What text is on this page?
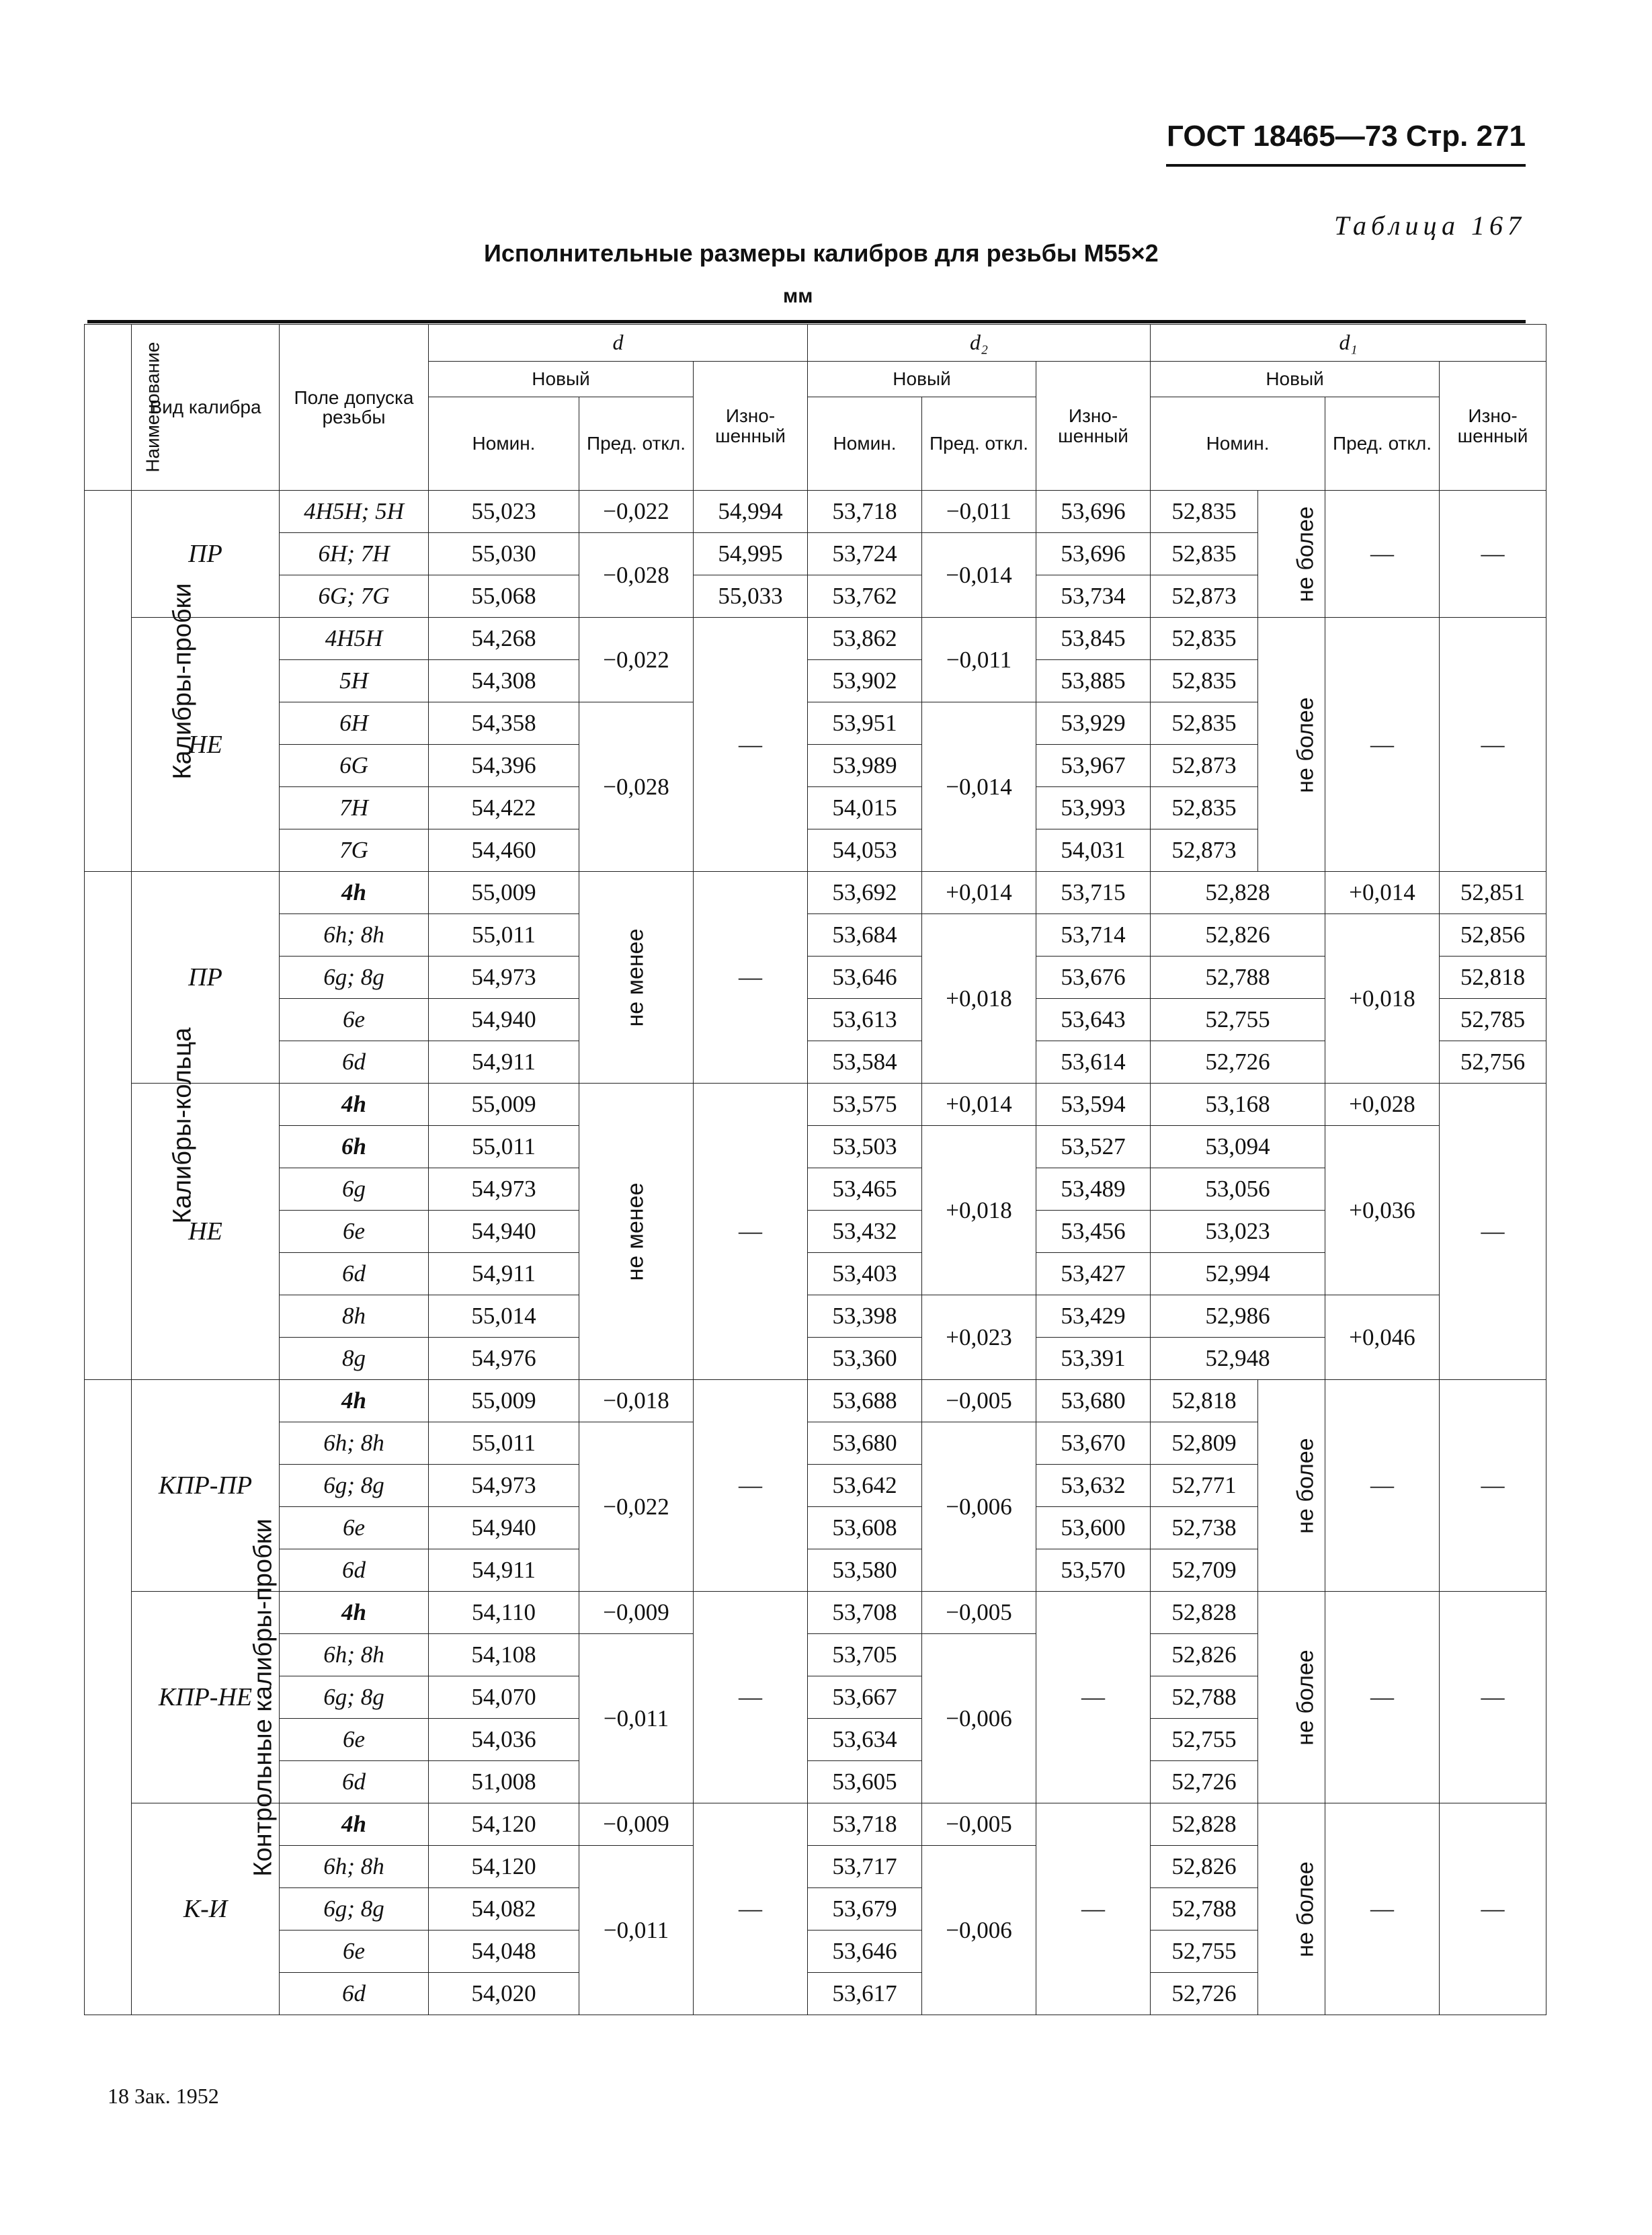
ГОСТ 18465—73 Стр. 271
Таблица 167
Исполнительные размеры калибров для резьбы М55×2
мм
Наименование	Вид калибра	Поле допуска резьбы	d			d₂			d₁			
			Новый		Изно-шенный	Новый		Изно-шенный	Новый			Изно-шенный
			Номин.	Пред. откл.		Номин.	Пред. откл.		Номин.		Пред. откл.	
Калибры-пробки	ПР	4H5H; 5H	55,023	−0,022	54,994	53,718	−0,011	53,696	52,835	не более	—	—
		6H; 7H	55,030	−0,028	54,995	53,724	−0,014	53,696	52,835			
		6G; 7G	55,068		55,033	53,762		53,734	52,873			
	НЕ	4H5H	54,268	−0,022	—	53,862	−0,011	53,845	52,835	не более	—	—
		5H	54,308			53,902		53,885	52,835			
		6H	54,358	−0,028		53,951	−0,014	53,929	52,835			
		6G	54,396			53,989		53,967	52,873			
		7H	54,422			54,015		53,993	52,835			
		7G	54,460			54,053		54,031	52,873			
Калибры-кольца	ПР	4h	55,009	не менее	—	53,692	+0,014	53,715	52,828		+0,014	52,851
		6h; 8h	55,011			53,684	+0,018	53,714	52,826		+0,018	52,856
		6g; 8g	54,973			53,646		53,676	52,788			52,818
		6e	54,940			53,613		53,643	52,755			52,785
		6d	54,911			53,584		53,614	52,726			52,756
	НЕ	4h	55,009	не менее	—	53,575	+0,014	53,594	53,168		+0,028	—
		6h	55,011			53,503	+0,018	53,527	53,094		+0,036	
		6g	54,973			53,465		53,489	53,056			
		6e	54,940			53,432		53,456	53,023			
		6d	54,911			53,403		53,427	52,994			
		8h	55,014			53,398	+0,023	53,429	52,986		+0,046	
		8g	54,976			53,360		53,391	52,948			
Контрольные калибры-пробки	КПР-ПР	4h	55,009	−0,018	—	53,688	−0,005	53,680	52,818	не более	—	—
		6h; 8h	55,011	−0,022		53,680	−0,006	53,670	52,809			
		6g; 8g	54,973			53,642		53,632	52,771			
		6e	54,940			53,608		53,600	52,738			
		6d	54,911			53,580		53,570	52,709			
	КПР-НЕ	4h	54,110	−0,009	—	53,708	−0,005	—	52,828	не более	—	—
		6h; 8h	54,108	−0,011		53,705	−0,006		52,826			
		6g; 8g	54,070			53,667			52,788			
		6e	54,036			53,634			52,755			
		6d	51,008			53,605			52,726			
	К-И	4h	54,120	−0,009	—	53,718	−0,005	—	52,828	не более	—	—
		6h; 8h	54,120	−0,011		53,717	−0,006		52,826			
		6g; 8g	54,082			53,679			52,788			
		6e	54,048			53,646			52,755			
		6d	54,020			53,617			52,726			
18 Зак. 1952
